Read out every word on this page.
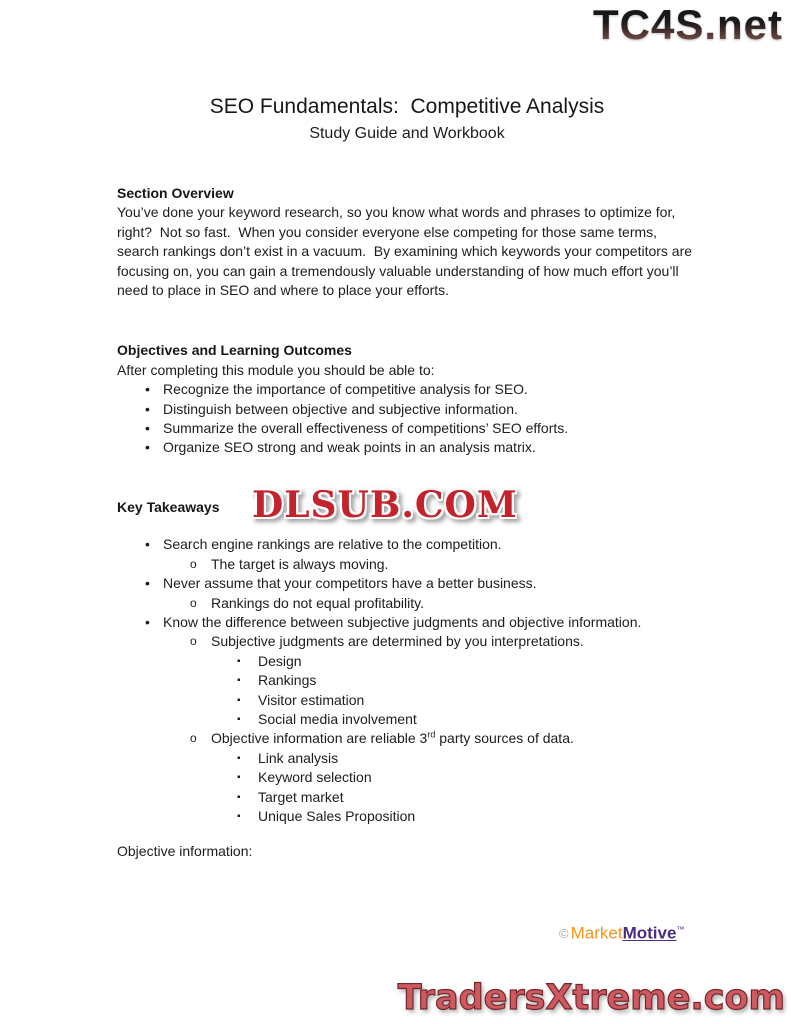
TC4S.net
SEO Fundamentals:  Competitive Analysis
Study Guide and Workbook
Section Overview
You’ve done your keyword research, so you know what words and phrases to optimize for, right?  Not so fast.  When you consider everyone else competing for those same terms, search rankings don’t exist in a vacuum.  By examining which keywords your competitors are focusing on, you can gain a tremendously valuable understanding of how much effort you’ll need to place in SEO and where to place your efforts.
Objectives and Learning Outcomes
After completing this module you should be able to:
• Recognize the importance of competitive analysis for SEO.
• Distinguish between objective and subjective information.
• Summarize the overall effectiveness of competitions’ SEO efforts.
• Organize SEO strong and weak points in an analysis matrix.
Key Takeaways
• Search engine rankings are relative to the competition.
o	The target is always moving.
• Never assume that your competitors have a better business.
o	Rankings do not equal profitability.
• Know the difference between subjective judgments and objective information.
o	Subjective judgments are determined by you interpretations.
▪	Design
▪	Rankings
▪	Visitor estimation
▪	Social media involvement
o	Objective information are reliable 3rd party sources of data.
▪	Link analysis
▪	Keyword selection
▪	Target market
▪	Unique Sales Proposition
Objective information:
DLSUB.COM
© MarketMotive™
TradersXtreme.com
